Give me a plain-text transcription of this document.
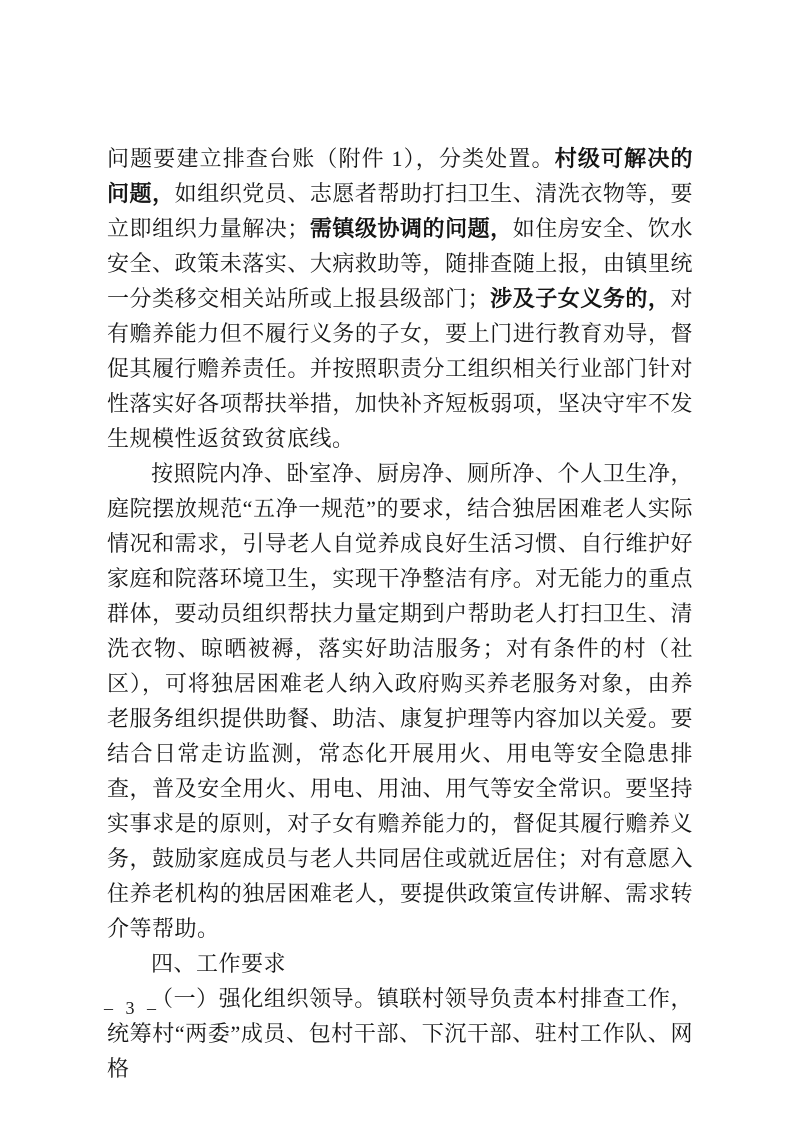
问题要建立排查台账（附件 1），分类处置。村级可解决的问题，如组织党员、志愿者帮助打扫卫生、清洗衣物等，要立即组织力量解决；需镇级协调的问题，如住房安全、饮水安全、政策未落实、大病救助等，随排查随上报，由镇里统一分类移交相关站所或上报县级部门；涉及子女义务的，对有赡养能力但不履行义务的子女，要上门进行教育劝导，督促其履行赡养责任。并按照职责分工组织相关行业部门针对性落实好各项帮扶举措，加快补齐短板弱项，坚决守牢不发生规模性返贫致贫底线。

按照院内净、卧室净、厨房净、厕所净、个人卫生净，庭院摆放规范“五净一规范”的要求，结合独居困难老人实际情况和需求，引导老人自觉养成良好生活习惯、自行维护好家庭和院落环境卫生，实现干净整洁有序。对无能力的重点群体，要动员组织帮扶力量定期到户帮助老人打扫卫生、清洗衣物、晾晒被褥，落实好助洁服务；对有条件的村（社区），可将独居困难老人纳入政府购买养老服务对象，由养老服务组织提供助餐、助洁、康复护理等内容加以关爱。要结合日常走访监测，常态化开展用火、用电等安全隐患排查，普及安全用火、用电、用油、用气等安全常识。要坚持实事求是的原则，对子女有赡养能力的，督促其履行赡养义务，鼓励家庭成员与老人共同居住或就近居住；对有意愿入住养老机构的独居困难老人，要提供政策宣传讲解、需求转介等帮助。

四、工作要求

（一）强化组织领导。镇联村领导负责本村排查工作，统筹村“两委”成员、包村干部、下沉干部、驻村工作队、网格

– 3 –
